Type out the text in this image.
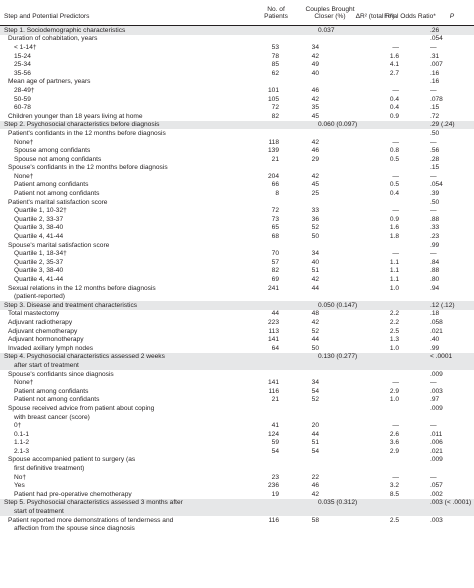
Step and Potential Predictors
No. of Patients
Couples Brought Closer (%)	ΔR² (total R²)
Final Odds Ratio*	P
Step 1. Sociodemographic characteristics	0.037	.26
Duration of cohabitation, years	.054
< 1-14†	53	34	—	—
15-24	78	42	1.6	.31
25-34	85	49	4.1	.007
35-56	62	40	2.7	.16
Mean age of partners, years	.16
28-49†	101	46	—	—
50-59	105	42	0.4	.078
60-78	72	35	0.4	.15
Children younger than 18 years living at home	82	45	0.9	.72
Step 2. Psychosocial characteristics before diagnosis	0.060 (0.097)	.29 (.24)
Patient's confidants in the 12 months before diagnosis	.50
None†	118	42	—	—
Spouse among confidants	139	46	0.8	.56
Spouse not among confidants	21	29	0.5	.28
Spouse's confidants in the 12 months before diagnosis	.15
None†	204	42	—	—
Patient among confidants	66	45	0.5	.054
Patient not among confidants	8	25	0.4	.39
Patient's marital satisfaction score	.50
Quartile 1, 10-32†	72	33	—	—
Quartile 2, 33-37	73	36	0.9	.88
Quartile 3, 38-40	65	52	1.6	.33
Quartile 4, 41-44	68	50	1.8	.23
Spouse's marital satisfaction score	.99
Quartile 1, 18-34†	70	34	—	—
Quartile 2, 35-37	57	40	1.1	.84
Quartile 3, 38-40	82	51	1.1	.88
Quartile 4, 41-44	69	42	1.1	.80
Sexual relations in the 12 months before diagnosis	241	44	1.0	.94
(patient-reported)
Step 3. Disease and treatment characteristics	0.050 (0.147)	.12 (.12)
Total mastectomy	44	48	2.2	.18
Adjuvant radiotherapy	223	42	2.2	.058
Adjuvant chemotherapy	113	52	2.5	.021
Adjuvant hormonotherapy	141	44	1.3	.40
Invaded axillary lymph nodes	64	50	1.0	.99
Step 4. Psychosocial characteristics assessed 2 weeks	0.130 (0.277)	< .0001
after start of treatment
Spouse's confidants since diagnosis	.009
None†	141	34	—	—
Patient among confidants	116	54	2.9	.003
Patient not among confidants	21	52	1.0	.97
Spouse received advice from patient about coping	.009
with breast cancer (score)
0†	41	20	—	—
0.1-1	124	44	2.6	.011
1.1-2	59	51	3.6	.006
2.1-3	54	54	2.9	.021
Spouse accompanied patient to surgery (as	.009
first definitive treatment)
No†	23	22	—	—
Yes	236	46	3.2	.057
Patient had pre-operative chemotherapy	19	42	8.5	.002
Step 5. Psychosocial characteristics assessed 3 months after	0.035 (0.312)	.003 (< .0001)
start of treatment
Patient reported more demonstrations of tenderness and	116	58	2.5	.003
affection from the spouse since diagnosis
